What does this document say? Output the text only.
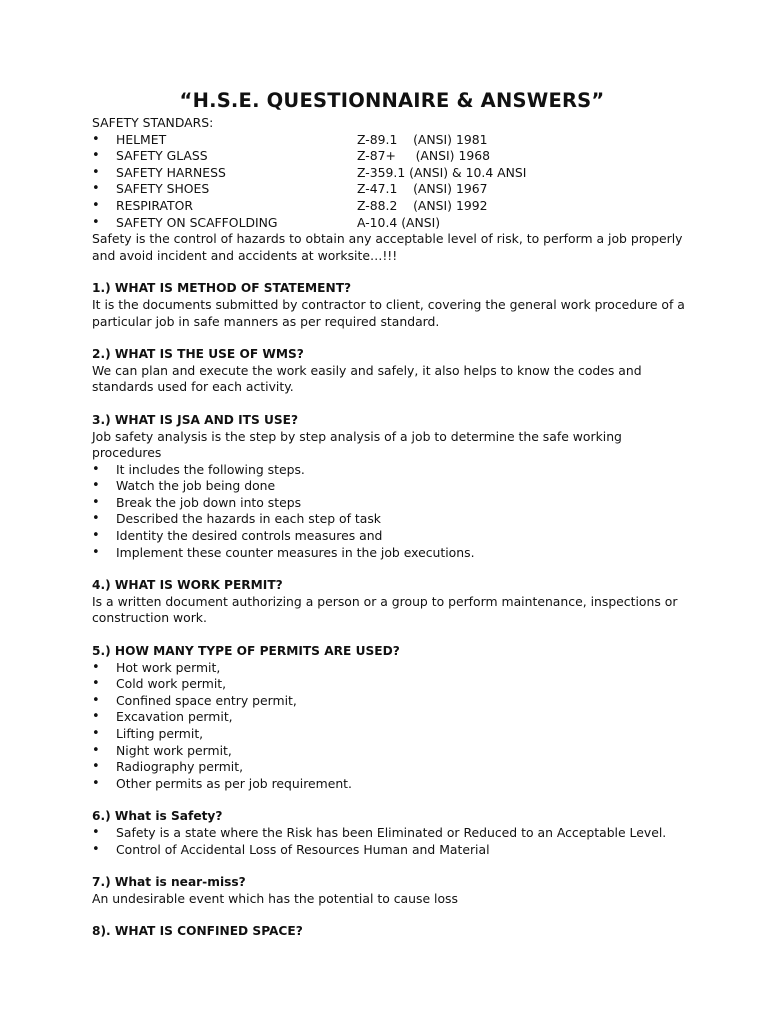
“H.S.E. QUESTIONNAIRE & ANSWERS”

SAFETY STANDARS:

• HELMET	Z-89.1    (ANSI) 1981
• SAFETY GLASS	Z-87+     (ANSI) 1968
• SAFETY HARNESS	Z-359.1 (ANSI) & 10.4 ANSI
• SAFETY SHOES	Z-47.1    (ANSI) 1967
• RESPIRATOR	Z-88.2    (ANSI) 1992
• SAFETY ON SCAFFOLDING	A-10.4 (ANSI)

Safety is the control of hazards to obtain any acceptable level of risk, to perform a job properly and avoid incident and accidents at worksite…!!!

1.) WHAT IS METHOD OF STATEMENT?

It is the documents submitted by contractor to client, covering the general work procedure of a particular job in safe manners as per required standard.

2.) WHAT IS THE USE OF WMS?

We can plan and execute the work easily and safely, it also helps to know the codes and standards used for each activity.

3.) WHAT IS JSA AND ITS USE?

Job safety analysis is the step by step analysis of a job to determine the safe working procedures

• It includes the following steps.
• Watch the job being done
• Break the job down into steps
• Described the hazards in each step of task
• Identity the desired controls measures and
• Implement these counter measures in the job executions.

4.) WHAT IS WORK PERMIT?

Is a written document authorizing a person or a group to perform maintenance, inspections or construction work.

5.) HOW MANY TYPE OF PERMITS ARE USED?

• Hot work permit,
• Cold work permit,
• Confined space entry permit,
• Excavation permit,
• Lifting permit,
• Night work permit,
• Radiography permit,
• Other permits as per job requirement.

6.) What is Safety?

• Safety is a state where the Risk has been Eliminated or Reduced to an Acceptable Level.
• Control of Accidental Loss of Resources Human and Material

7.) What is near-miss?

An undesirable event which has the potential to cause loss

8). WHAT IS CONFINED SPACE?
